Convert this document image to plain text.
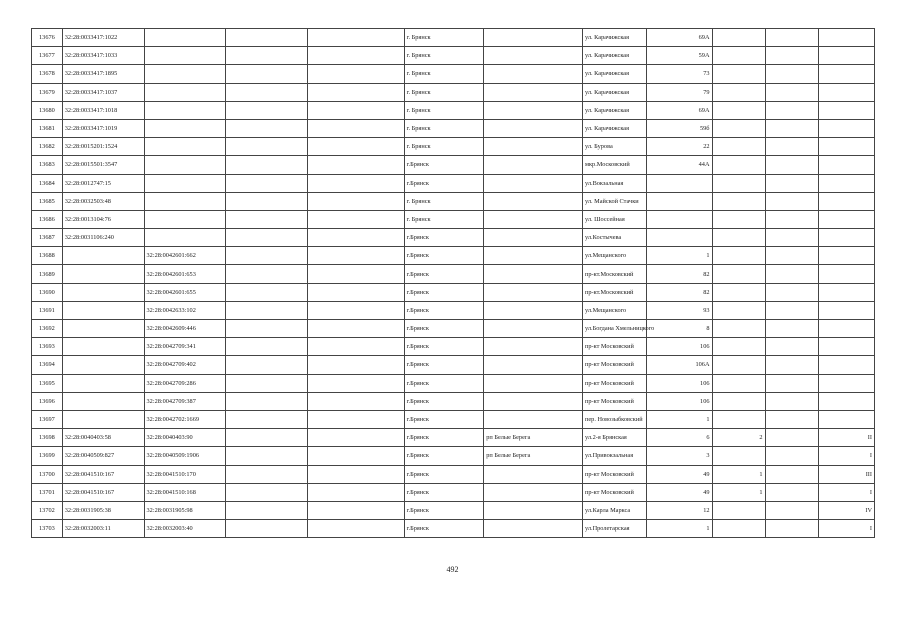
13676	32:28:0033417:1022				г. Брянск		ул. Карачижская	69А			
13677	32:28:0033417:1033				г. Брянск		ул. Карачижская	59А			
13678	32:28:0033417:1895				г. Брянск		ул. Карачижская	73			
13679	32:28:0033417:1037				г. Брянск		ул. Карачижская	79			
13680	32:28:0033417:1018				г. Брянск		ул. Карачижская	69А			
13681	32:28:0033417:1019				г. Брянск		ул. Карачижская	59б			
13682	32:28:0015201:1524				г. Брянск		ул. Бурова	22			
13683	32:28:0015501:3547				г.Брянск		мкр.Московский	44А			
13684	32:28:0012747:15				г.Брянск		ул.Вокзальная				
13685	32:28:0032503:48				г. Брянск		ул. Майской Стачки				
13686	32:28:0013104:76				г. Брянск		ул. Шоссейная				
13687	32:28:0031106:240				г.Брянск		ул.Костычева				
13688		32:28:0042601:662			г.Брянск		ул.Мещанского	1			
13689		32:28:0042601:653			г.Брянск		пр-кт.Московский	82			
13690		32:28:0042601:655			г.Брянск		пр-кт.Московский	82			
13691		32:28:0042633:102			г.Брянск		ул.Мещанского	93			
13692		32:28:0042609:446			г.Брянск		ул.Богдана Хмельницкого	8			
13693		32:28:0042709:341			г.Брянск		пр-кт Московский	106			
13694		32:28:0042709:402			г.Брянск		пр-кт Московский	106А			
13695		32:28:0042709:286			г.Брянск		пр-кт Московский	106			
13696		32:28:0042709:387			г.Брянск		пр-кт Московский	106			
13697		32:28:0042702:1669			г.Брянск		пер. Новозыбковский	1			
13698	32:28:0040403:58	32:28:0040403:90			г.Брянск	рп Белые Берега	ул.2-я Брянская	6	2		II
13699	32:28:0040509:827	32:28:0040509:1906			г.Брянск	рп Белые Берега	ул.Привокзальная	3			I
13700	32:28:0041510:167	32:28:0041510:170			г.Брянск		пр-кт Московский	49	1		III
13701	32:28:0041510:167	32:28:0041510:168			г.Брянск		пр-кт Московский	49	1		I
13702	32:28:0031905:38	32:28:0031905:98			г.Брянск		ул.Карла Маркса	12			IV
13703	32:28:0032003:11	32:28:0032003:40			г.Брянск		ул.Пролетарская	1			I
492
